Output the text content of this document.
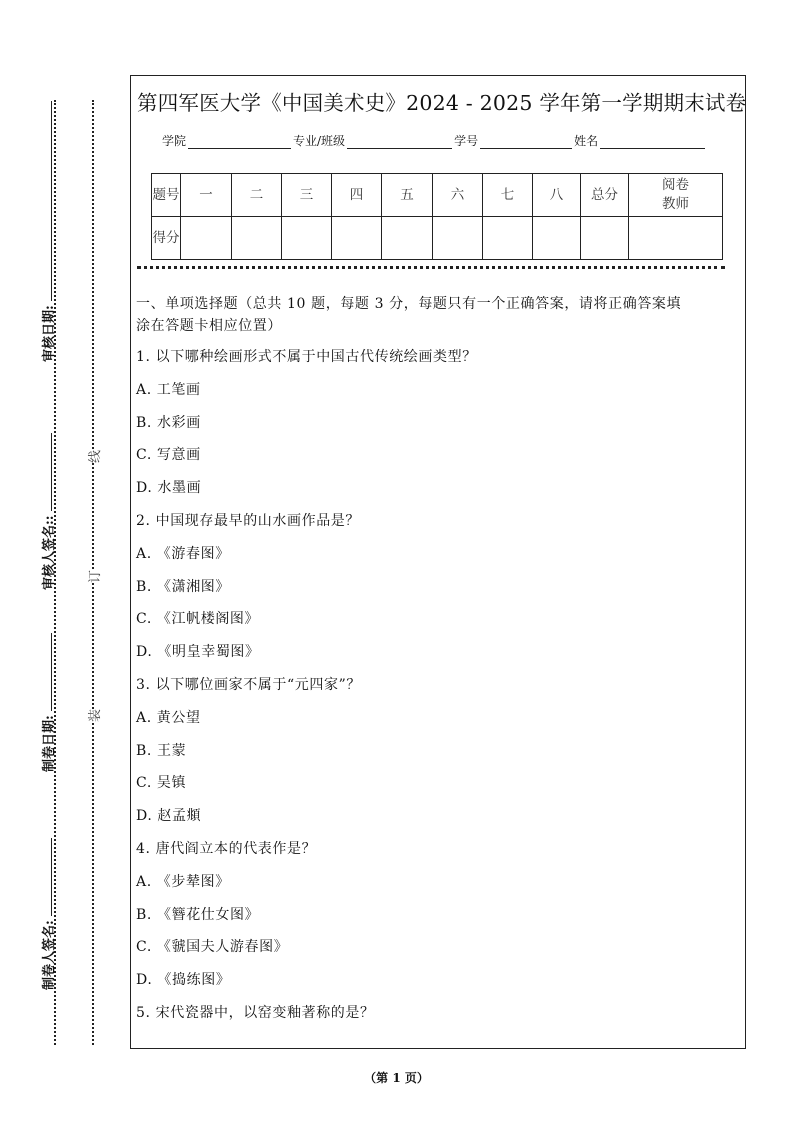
装
订
线
制卷人签名:
制卷日期:
审核人签名::
审核日期:
第四军医大学《中国美术史》2024 - 2025 学年第一学期期末试卷
学院	专业/班级	学号	姓名
题号	一	二	三	四	五	六	七	八	总分	阅卷教师
得分										
一、单项选择题（总共 10 题，每题 3 分，每题只有一个正确答案，请将正确答案填
涂在答题卡相应位置）
1. 以下哪种绘画形式不属于中国古代传统绘画类型？
A. 工笔画
B. 水彩画
C. 写意画
D. 水墨画
2. 中国现存最早的山水画作品是？
A. 《游春图》
B. 《潇湘图》
C. 《江帆楼阁图》
D. 《明皇幸蜀图》
3. 以下哪位画家不属于“元四家”？
A. 黄公望
B. 王蒙
C. 吴镇
D. 赵孟頫
4. 唐代阎立本的代表作是？
A. 《步辇图》
B. 《簪花仕女图》
C. 《虢国夫人游春图》
D. 《捣练图》
5. 宋代瓷器中，以窑变釉著称的是？
（第 1 页）
